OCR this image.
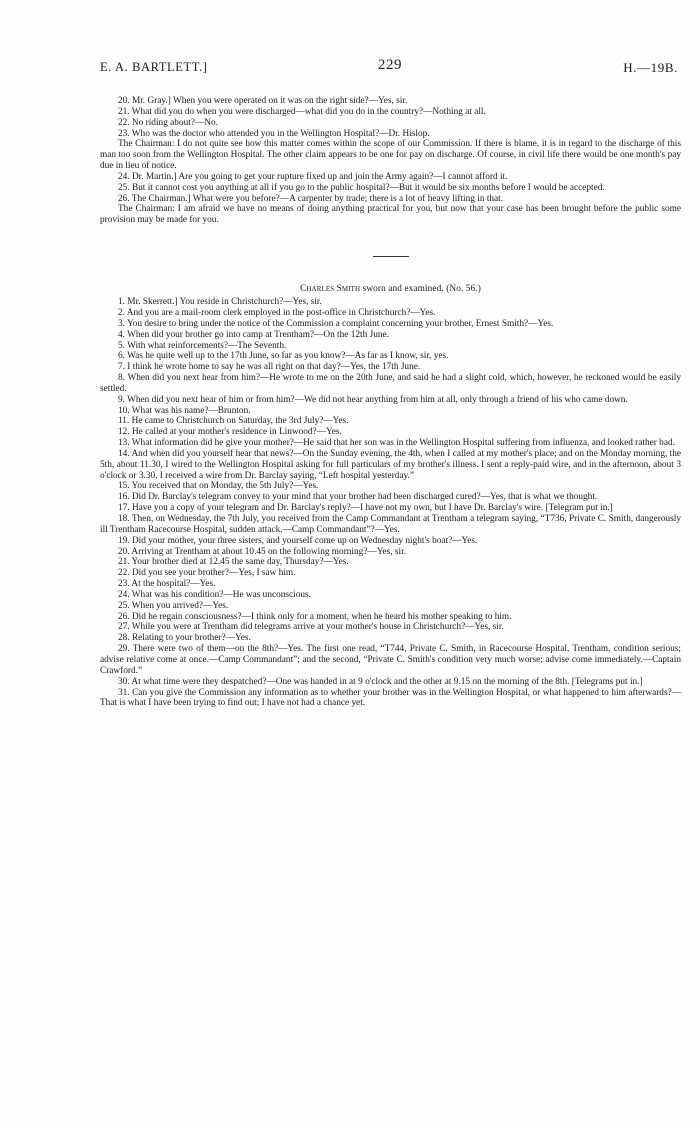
E. A. BARTLETT.]	229	H.—19B.

20. Mr. Gray.] When you were operated on it was on the right side?—Yes, sir.

21. What did you do when you were discharged—what did you do in the country?—Nothing at all.

22. No riding about?—No.

23. Who was the doctor who attended you in the Wellington Hospital?—Dr. Hislop.

The Chairman: I do not quite see how this matter comes within the scope of our Commission. If there is blame, it is in regard to the discharge of this man too soon from the Wellington Hospital. The other claim appears to be one for pay on discharge. Of course, in civil life there would be one month's pay due in lieu of notice.

24. Dr. Martin.] Are you going to get your rupture fixed up and join the Army again?—I cannot afford it.

25. But it cannot cost you anything at all if you go to the public hospital?—But it would be six months before I would be accepted.

26. The Chairman.] What were you before?—A carpenter by trade; there is a lot of heavy lifting in that.

The Chairman: I am afraid we have no means of doing anything practical for you, but now that your case has been brought before the public some provision may be made for you.

Charles Smith sworn and examined. (No. 56.)

1. Mr. Skerrett.] You reside in Christchurch?—Yes, sir.

2. And you are a mail-room clerk employed in the post-office in Christchurch?—Yes.

3. You desire to bring under the notice of the Commission a complaint concerning your brother, Ernest Smith?—Yes.

4. When did your brother go into camp at Trentham?—On the 12th June.

5. With what reinforcements?—The Seventh.

6. Was he quite well up to the 17th June, so far as you know?—As far as I know, sir, yes.

7. I think he wrote home to say he was all right on that day?—Yes, the 17th June.

8. When did you next hear from him?—He wrote to me on the 20th June, and said he had a slight cold, which, however, he reckoned would be easily settled.

9. When did you next hear of him or from him?—We did not hear anything from him at all, only through a friend of his who came down.

10. What was his name?—Brunton.

11. He came to Christchurch on Saturday, the 3rd July?—Yes.

12. He called at your mother's residence in Linwood?—Yes.

13. What information did he give your mother?—He said that her son was in the Wellington Hospital suffering from influenza, and looked rather bad.

14. And when did you yourself hear that news?—On the Sunday evening, the 4th, when I called at my mother's place; and on the Monday morning, the 5th, about 11.30, I wired to the Wellington Hospital asking for full particulars of my brother's illness. I sent a reply-paid wire, and in the afternoon, about 3 o'clock or 3.30, I received a wire from Dr. Barclay saying, “Left hospital yesterday.”

15. You received that on Monday, the 5th July?—Yes.

16. Did Dr. Barclay's telegram convey to your mind that your brother had been discharged cured?—Yes, that is what we thought.

17. Have you a copy of your telegram and Dr. Barclay's reply?—I have not my own, but I have Dr. Barclay's wire. [Telegram put in.]

18. Then, on Wednesday, the 7th July, you received from the Camp Commandant at Trentham a telegram saying, “T736, Private C. Smith, dangerously ill Trentham Racecourse Hospital, sudden attack.—Camp Commandant”?—Yes.

19. Did your mother, your three sisters, and yourself come up on Wednesday night's boat?—Yes.

20. Arriving at Trentham at about 10.45 on the following morning?—Yes, sir.

21. Your brother died at 12.45 the same day, Thursday?—Yes.

22. Did you see your brother?—Yes, I saw him.

23. At the hospital?—Yes.

24. What was his condition?—He was unconscious.

25. When you arrived?—Yes.

26. Did he regain consciousness?—I think only for a moment, when he heard his mother speaking to him.

27. While you were at Trentham did telegrams arrive at your mother's house in Christchurch?—Yes, sir.

28. Relating to your brother?—Yes.

29. There were two of them—on the 8th?—Yes. The first one read, “T744, Private C. Smith, in Racecourse Hospital, Trentham, condition serious; advise relative come at once.—Camp Commandant”; and the second, “Private C. Smith's condition very much worse; advise come immediately.—Captain Crawford.”

30. At what time were they despatched?—One was handed in at 9 o'clock and the other at 9.15 on the morning of the 8th. [Telegrams put in.]

31. Can you give the Commission any information as to whether your brother was in the Wellington Hospital, or what happened to him afterwards?—That is what I have been trying to find out; I have not had a chance yet.
